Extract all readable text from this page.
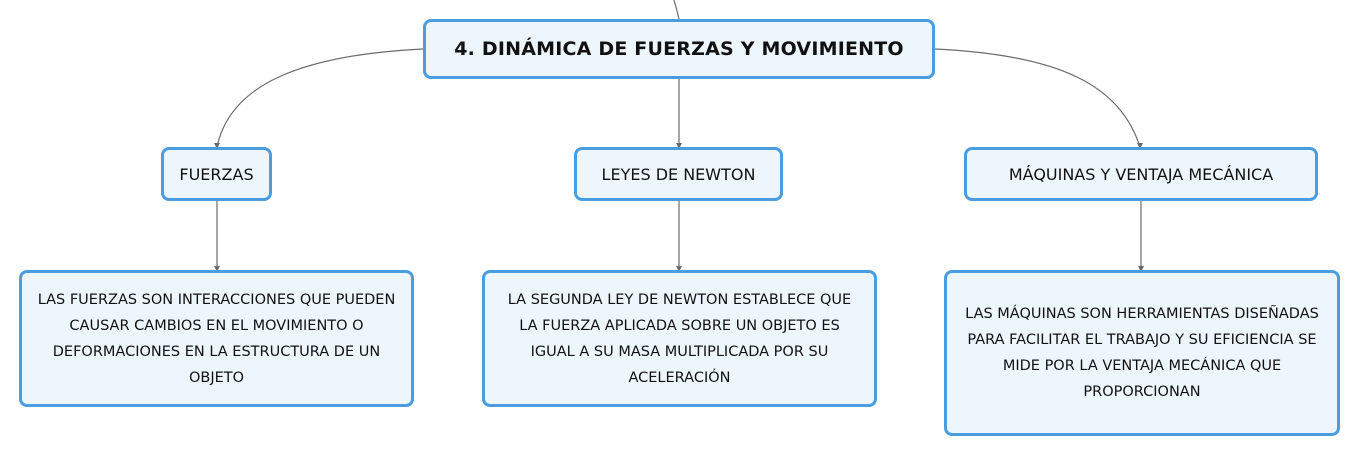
4. DINÁMICA DE FUERZAS Y MOVIMIENTO
FUERZAS	LEYES DE NEWTON	MÁQUINAS Y VENTAJA MECÁNICA
LAS FUERZAS SON INTERACCIONES QUE PUEDEN CAUSAR CAMBIOS EN EL MOVIMIENTO O DEFORMACIONES EN LA ESTRUCTURA DE UN OBJETO
LA SEGUNDA LEY DE NEWTON ESTABLECE QUE LA FUERZA APLICADA SOBRE UN OBJETO ES IGUAL A SU MASA MULTIPLICADA POR SU ACELERACIÓN
LAS MÁQUINAS SON HERRAMIENTAS DISEÑADAS PARA FACILITAR EL TRABAJO Y SU EFICIENCIA SE MIDE POR LA VENTAJA MECÁNICA QUE PROPORCIONAN
